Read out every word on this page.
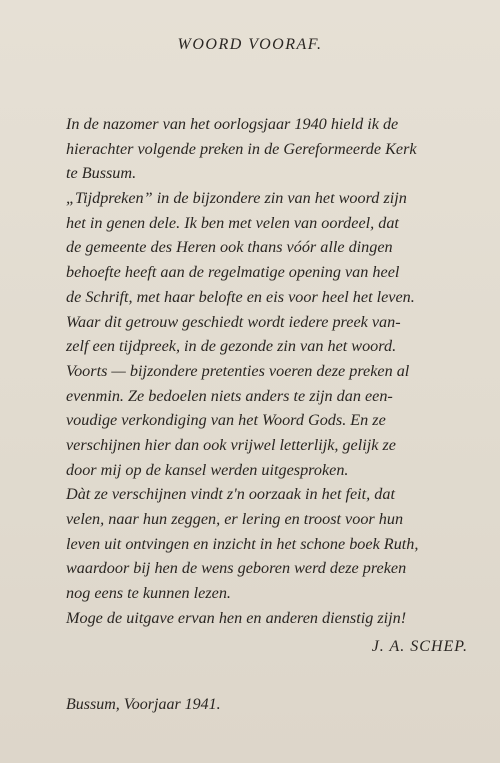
WOORD VOORAF.
In de nazomer van het oorlogsjaar 1940 hield ik de
hierachter volgende preken in de Gereformeerde Kerk
te Bussum.
„Tijdpreken” in de bijzondere zin van het woord zijn
het in genen dele. Ik ben met velen van oordeel, dat
de gemeente des Heren ook thans vóór alle dingen
behoefte heeft aan de regelmatige opening van heel
de Schrift, met haar belofte en eis voor heel het leven.
Waar dit getrouw geschiedt wordt iedere preek van-
zelf een tijdpreek, in de gezonde zin van het woord.
Voorts — bijzondere pretenties voeren deze preken al
evenmin. Ze bedoelen niets anders te zijn dan een-
voudige verkondiging van het Woord Gods. En ze
verschijnen hier dan ook vrijwel letterlijk, gelijk ze
door mij op de kansel werden uitgesproken.
Dàt ze verschijnen vindt z'n oorzaak in het feit, dat
velen, naar hun zeggen, er lering en troost voor hun
leven uit ontvingen en inzicht in het schone boek Ruth,
waardoor bij hen de wens geboren werd deze preken
nog eens te kunnen lezen.
Moge de uitgave ervan hen en anderen dienstig zijn!
J. A. SCHEP.
Bussum, Voorjaar 1941.
